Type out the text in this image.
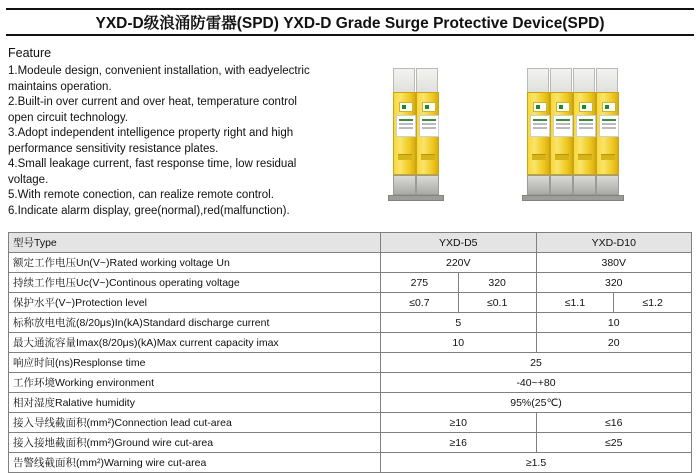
YXD-D级浪涌防雷器(SPD) YXD-D Grade Surge Protective Device(SPD)
Feature
1.Modeule design, convenient installation, with eadyelectric
maintains operation.
2.Built-in over current and over heat, temperature control
open circuit technology.
3.Adopt independent intelligence property right and high
performance sensitivity resistance plates.
4.Small leakage current, fast response time, low residual
voltage.
5.With remote conection, can realize remote control.
6.Indicate alarm display, gree(normal),red(malfunction).
型号Type	YXD-D5		YXD-D10	
额定工作电压Un(V~)Rated working voltage Un	220V		380V	
持续工作电压Uc(V~)Continous operating voltage	275	320	320	
保护水平(V~)Protection level	≤0.7	≤0.1	≤1.1	≤1.2
标称放电电流(8/20μs)In(kA)Standard discharge current	5		10	
最大通流容量Imax(8/20μs)(kA)Max current capacity imax	10		20	
响应时间(ns)Resplonse time	25			
工作环境Working environment	-40~+80			
相对湿度Ralative humidity	95%(25℃)			
接入导线截面积(mm²)Connection lead cut-area	≥10		≤16	
接入接地截面积(mm²)Ground wire cut-area	≥16		≤25	
告警线截面积(mm²)Warning wire cut-area	≥1.5			
